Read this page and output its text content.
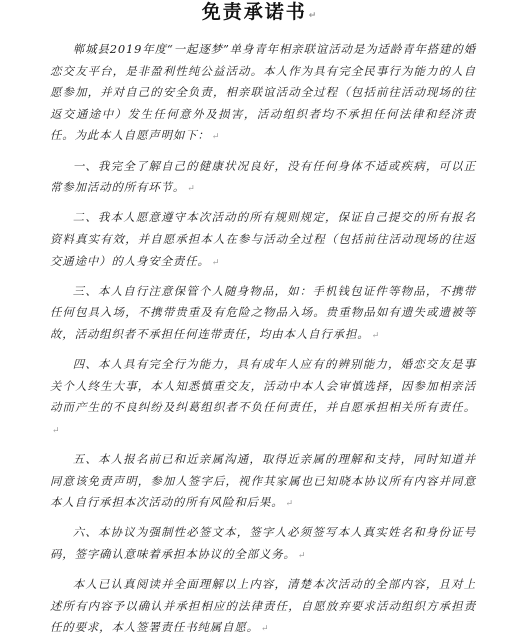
免责承诺书 ↵

郸城县2019年度“一起逐梦”单身青年相亲联谊活动是为适龄青年搭建的婚恋交友平台，是非盈利性纯公益活动。本人作为具有完全民事行为能力的人自愿参加，并对自己的安全负责，相亲联谊活动全过程（包括前往活动现场的往返交通途中）发生任何意外及损害，活动组织者均不承担任何法律和经济责任。为此本人自愿声明如下： ↵

一、我完全了解自己的健康状况良好，没有任何身体不适或疾病，可以正常参加活动的所有环节。 ↵

二、我本人愿意遵守本次活动的所有规则规定，保证自己提交的所有报名资料真实有效，并自愿承担本人在参与活动全过程（包括前往活动现场的往返交通途中）的人身安全责任。 ↵

三、本人自行注意保管个人随身物品，如：手机钱包证件等物品，不携带任何包具入场，不携带贵重及有危险之物品入场。贵重物品如有遗失或遗被等故，活动组织者不承担任何连带责任，均由本人自行承担。 ↵

四、本人具有完全行为能力，具有成年人应有的辨别能力，婚恋交友是事关个人终生大事，本人知悉慎重交友，活动中本人会审慎选择，因参加相亲活动而产生的不良纠纷及纠葛组织者不负任何责任，并自愿承担相关所有责任。↵

五、本人报名前已和近亲属沟通，取得近亲属的理解和支持，同时知道并同意该免责声明，参加人签字后，视作其家属也已知晓本协议所有内容并同意本人自行承担本次活动的所有风险和后果。 ↵

六、本协议为强制性必签文本，签字人必须签写本人真实姓名和身份证号码，签字确认意味着承担本协议的全部义务。 ↵

本人已认真阅读并全面理解以上内容，清楚本次活动的全部内容，且对上述所有内容予以确认并承担相应的法律责任，自愿放弃要求活动组织方承担责任的要求，本人签署责任书纯属自愿。 ↵
